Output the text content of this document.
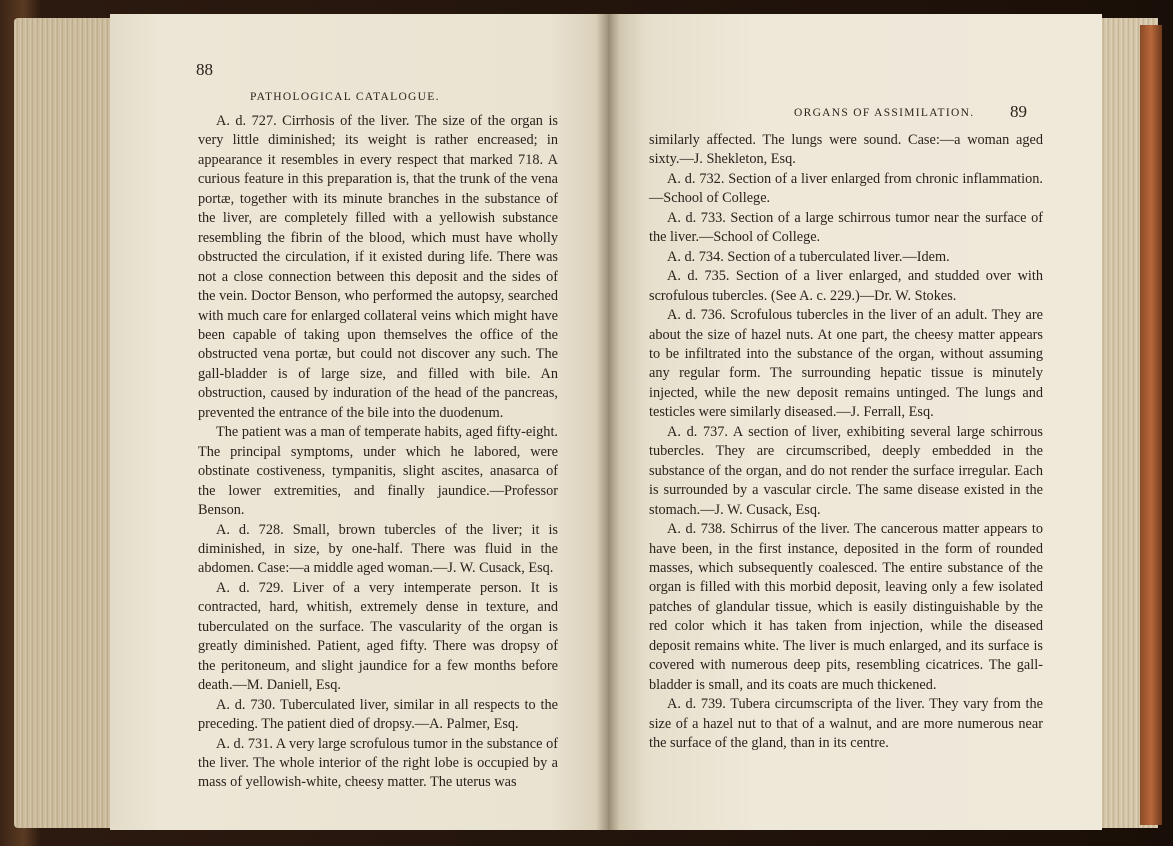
88
PATHOLOGICAL CATALOGUE.

A. d. 727. Cirrhosis of the liver. The size of the organ is very little diminished; its weight is rather encreased; in appearance it resembles in every respect that marked 718. A curious feature in this preparation is, that the trunk of the vena portæ, together with its minute branches in the substance of the liver, are completely filled with a yellowish substance resembling the fibrin of the blood, which must have wholly obstructed the circulation, if it existed during life. There was not a close connection between this deposit and the sides of the vein. Doctor Benson, who performed the autopsy, searched with much care for enlarged collateral veins which might have been capable of taking upon themselves the office of the obstructed vena portæ, but could not discover any such. The gall-bladder is of large size, and filled with bile. An obstruction, caused by induration of the head of the pancreas, prevented the entrance of the bile into the duodenum.

The patient was a man of temperate habits, aged fifty-eight. The principal symptoms, under which he labored, were obstinate costiveness, tympanitis, slight ascites, anasarca of the lower extremities, and finally jaundice.—Professor Benson.

A. d. 728. Small, brown tubercles of the liver; it is diminished, in size, by one-half. There was fluid in the abdomen. Case:—a middle aged woman.—J. W. Cusack, Esq.

A. d. 729. Liver of a very intemperate person. It is contracted, hard, whitish, extremely dense in texture, and tuberculated on the surface. The vascularity of the organ is greatly diminished. Patient, aged fifty. There was dropsy of the peritoneum, and slight jaundice for a few months before death.—M. Daniell, Esq.

A. d. 730. Tuberculated liver, similar in all respects to the preceding. The patient died of dropsy.—A. Palmer, Esq.

A. d. 731. A very large scrofulous tumor in the substance of the liver. The whole interior of the right lobe is occupied by a mass of yellowish-white, cheesy matter. The uterus was

ORGANS OF ASSIMILATION. 89

similarly affected. The lungs were sound. Case:—a woman aged sixty.—J. Shekleton, Esq.

A. d. 732. Section of a liver enlarged from chronic inflammation.—School of College.

A. d. 733. Section of a large schirrous tumor near the surface of the liver.—School of College.

A. d. 734. Section of a tuberculated liver.—Idem.

A. d. 735. Section of a liver enlarged, and studded over with scrofulous tubercles. (See A. c. 229.)—Dr. W. Stokes.

A. d. 736. Scrofulous tubercles in the liver of an adult. They are about the size of hazel nuts. At one part, the cheesy matter appears to be infiltrated into the substance of the organ, without assuming any regular form. The surrounding hepatic tissue is minutely injected, while the new deposit remains untinged. The lungs and testicles were similarly diseased.—J. Ferrall, Esq.

A. d. 737. A section of liver, exhibiting several large schirrous tubercles. They are circumscribed, deeply embedded in the substance of the organ, and do not render the surface irregular. Each is surrounded by a vascular circle. The same disease existed in the stomach.—J. W. Cusack, Esq.

A. d. 738. Schirrus of the liver. The cancerous matter appears to have been, in the first instance, deposited in the form of rounded masses, which subsequently coalesced. The entire substance of the organ is filled with this morbid deposit, leaving only a few isolated patches of glandular tissue, which is easily distinguishable by the red color which it has taken from injection, while the diseased deposit remains white. The liver is much enlarged, and its surface is covered with numerous deep pits, resembling cicatrices. The gall-bladder is small, and its coats are much thickened.

A. d. 739. Tubera circumscripta of the liver. They vary from the size of a hazel nut to that of a walnut, and are more numerous near the surface of the gland, than in its centre.
